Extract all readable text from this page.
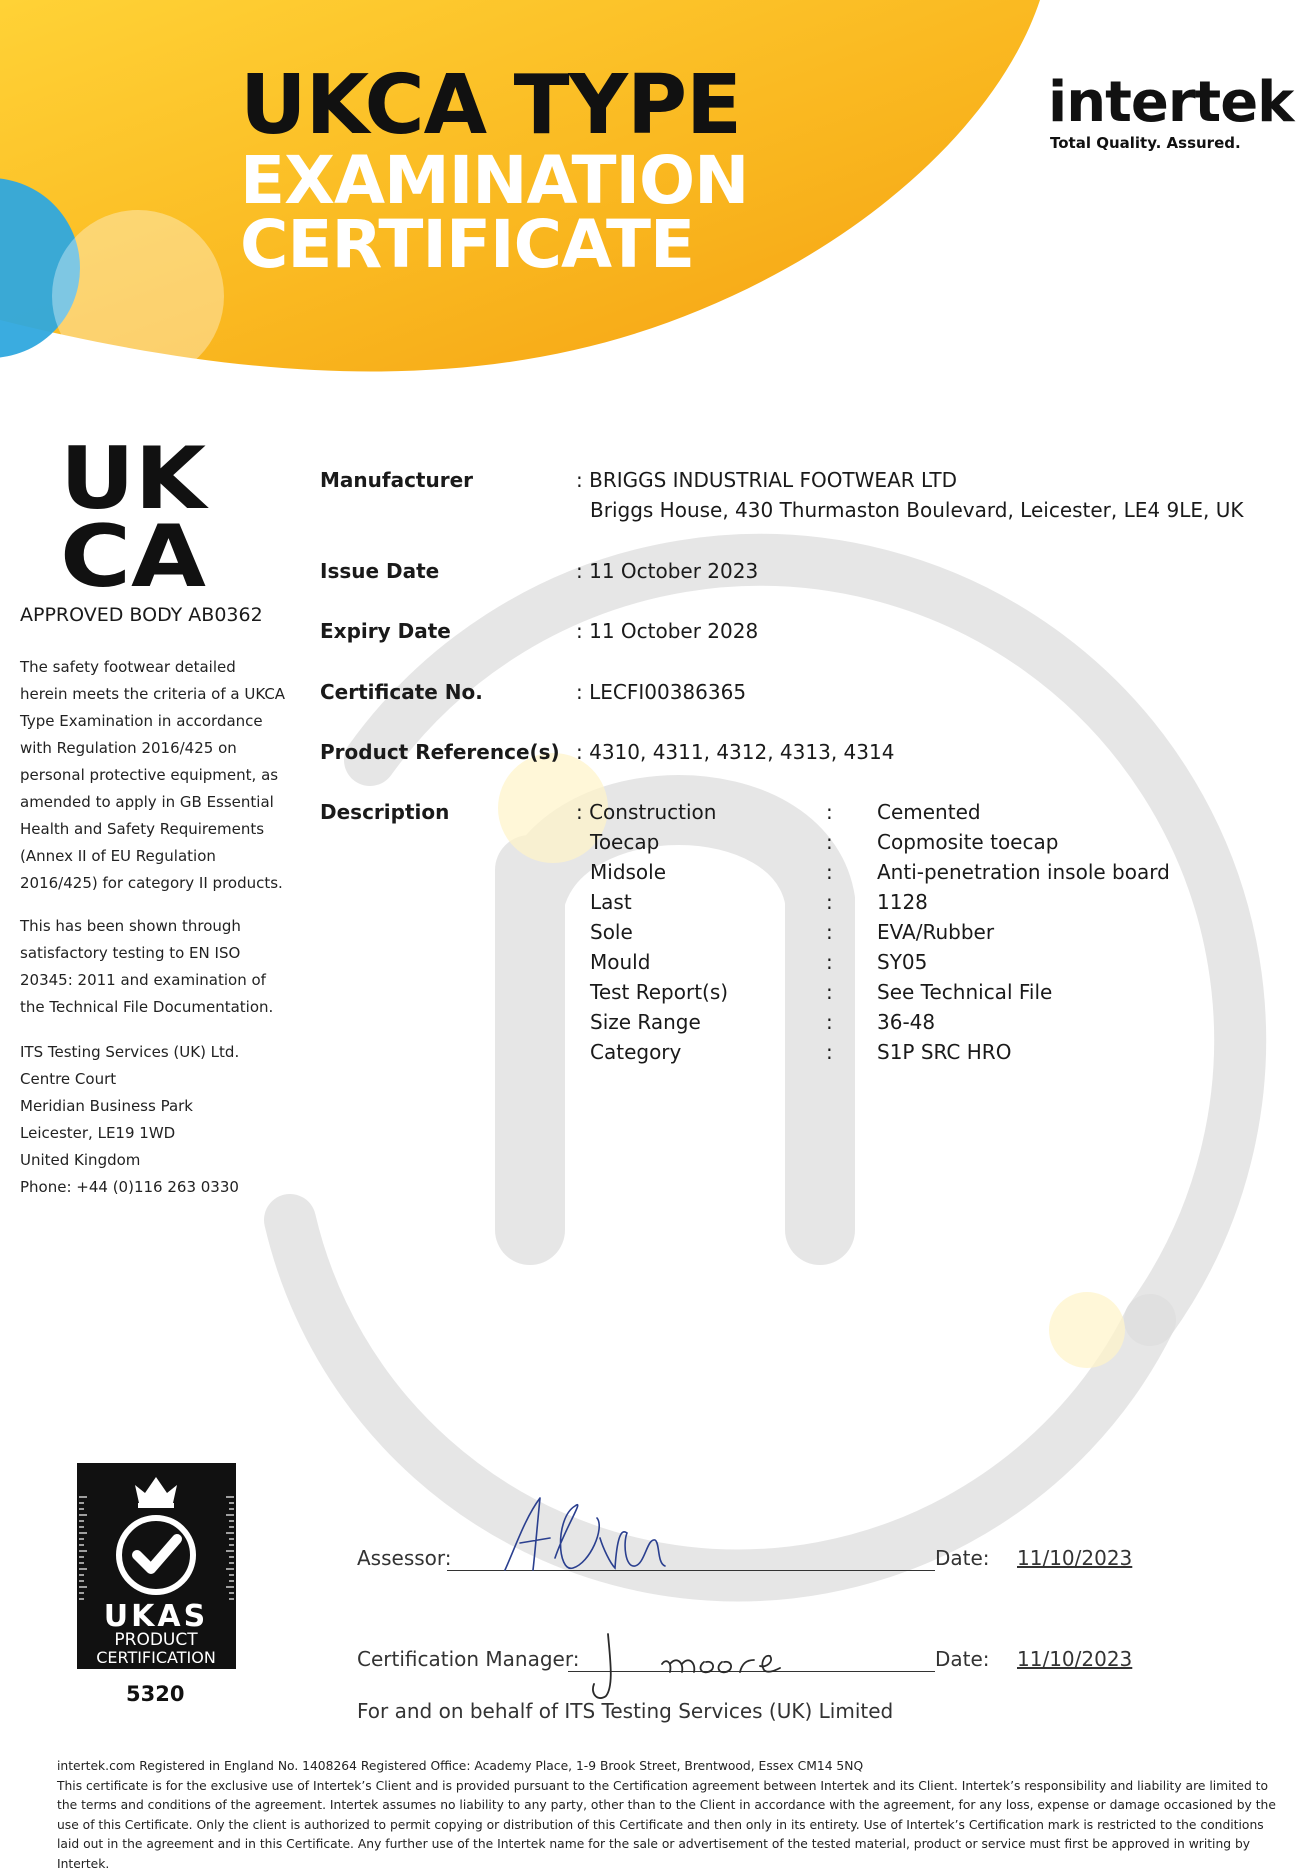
UKCA TYPE
EXAMINATION
CERTIFICATE
intertek
Total Quality. Assured.
UK
CA
APPROVED BODY AB0362
The safety footwear detailed
herein meets the criteria of a UKCA
Type Examination in accordance
with Regulation 2016/425 on
personal protective equipment, as
amended to apply in GB Essential
Health and Safety Requirements
(Annex II of EU Regulation
2016/425) for category II products.
This has been shown through
satisfactory testing to EN ISO
20345: 2011 and examination of
the Technical File Documentation.
ITS Testing Services (UK) Ltd.
Centre Court
Meridian Business Park
Leicester, LE19 1WD
United Kingdom
Phone: +44 (0)116 263 0330
Manufacturer	: BRIGGS INDUSTRIAL FOOTWEAR LTD
Briggs House, 430 Thurmaston Boulevard, Leicester, LE4 9LE, UK
Issue Date	: 11 October 2023
Expiry Date	: 11 October 2028
Certificate No.	: LECFI00386365
Product Reference(s) : 4310, 4311, 4312, 4313, 4314
Description	: Construction	: Cemented
Toecap	: Copmosite toecap
Midsole	: Anti-penetration insole board
Last	: 1128
Sole	: EVA/Rubber
Mould	: SY05
Test Report(s)	: See Technical File
Size Range	: 36-48
Category	: S1P SRC HRO
UKAS
PRODUCT
CERTIFICATION
5320
Assessor:	Date: 11/10/2023
Certification Manager:	Date: 11/10/2023
For and on behalf of ITS Testing Services (UK) Limited
intertek.com Registered in England No. 1408264 Registered Office: Academy Place, 1-9 Brook Street, Brentwood, Essex CM14 5NQ
This certificate is for the exclusive use of Intertek’s Client and is provided pursuant to the Certification agreement between Intertek and its Client. Intertek’s responsibility and liability are limited to the terms and conditions of the agreement. Intertek assumes no liability to any party, other than to the Client in accordance with the agreement, for any loss, expense or damage occasioned by the use of this Certificate. Only the client is authorized to permit copying or distribution of this Certificate and then only in its entirety. Use of Intertek’s Certification mark is restricted to the conditions laid out in the agreement and in this Certificate. Any further use of the Intertek name for the sale or advertisement of the tested material, product or service must first be approved in writing by Intertek.
